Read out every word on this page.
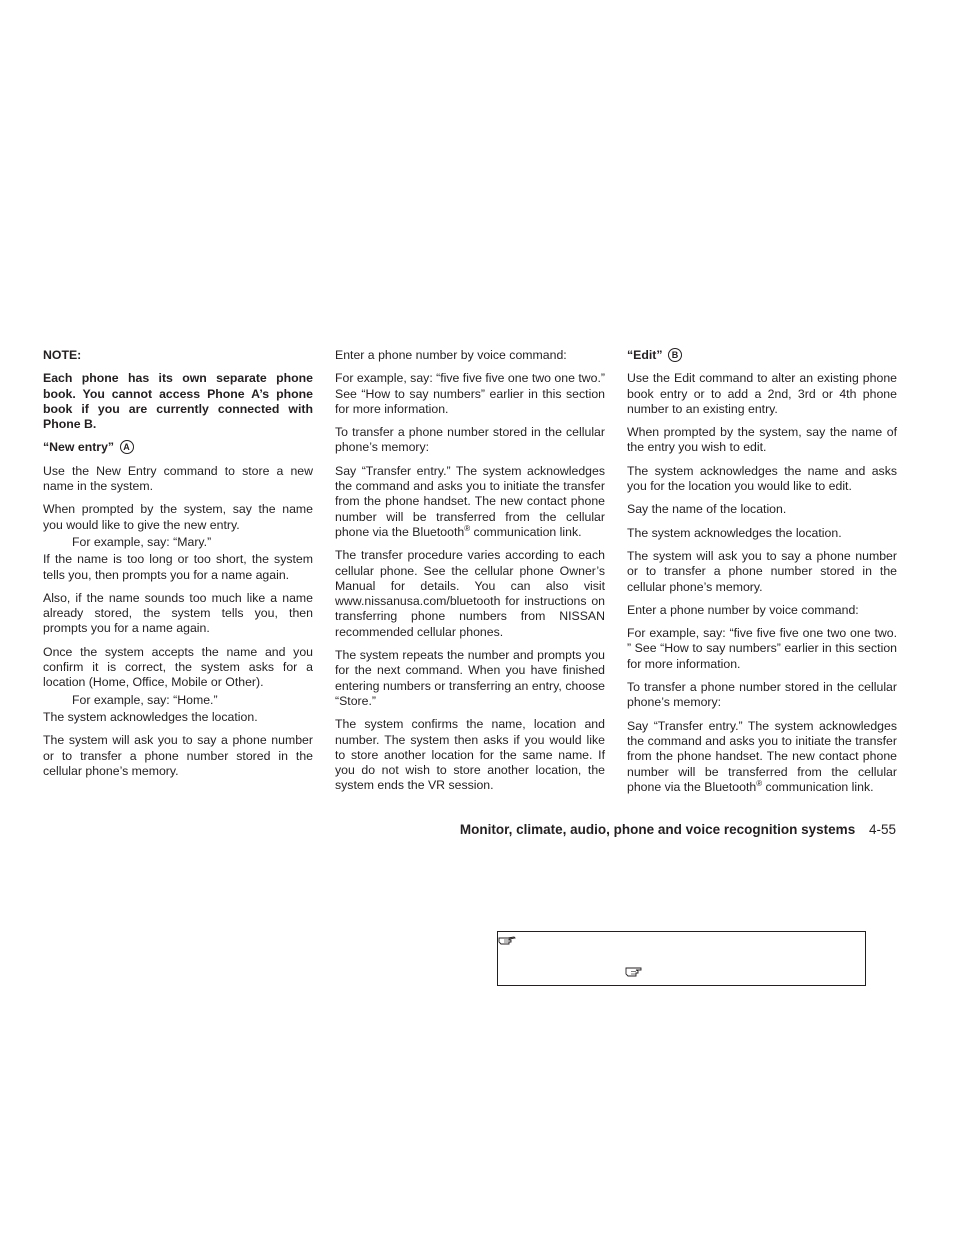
NOTE:
Each phone has its own separate phone book. You cannot access Phone A’s phone book if you are currently connected with Phone B.
“New entry” A

Use the New Entry command to store a new name in the system.

When prompted by the system, say the name you would like to give the new entry.

For example, say: “Mary.”

If the name is too long or too short, the system tells you, then prompts you for a name again.

Also, if the name sounds too much like a name already stored, the system tells you, then prompts you for a name again.

Once the system accepts the name and you confirm it is correct, the system asks for a location (Home, Office, Mobile or Other).

For example, say: “Home.”

The system acknowledges the location.

The system will ask you to say a phone number or to transfer a phone number stored in the cellular phone’s memory.

Enter a phone number by voice command:

For example, say: “five five five one two one two.” See “How to say numbers” earlier in this section for more information.

To transfer a phone number stored in the cellular phone’s memory:

Say “Transfer entry.” The system acknowledges the command and asks you to initiate the transfer from the phone handset. The new contact phone number will be transferred from the cellular phone via the Bluetooth® communication link.

The transfer procedure varies according to each cellular phone. See the cellular phone Owner’s Manual for details. You can also visit www.nissanusa.com/bluetooth for instructions on transferring phone numbers from NISSAN recommended cellular phones.

The system repeats the number and prompts you for the next command. When you have finished entering numbers or transferring an entry, choose “Store.”

The system confirms the name, location and number. The system then asks if you would like to store another location for the same name. If you do not wish to store another location, the system ends the VR session.

“Edit” B

Use the Edit command to alter an existing phone book entry or to add a 2nd, 3rd or 4th phone number to an existing entry.

When prompted by the system, say the name of the entry you wish to edit.

The system acknowledges the name and asks you for the location you would like to edit.

Say the name of the location.

The system acknowledges the location.

The system will ask you to say a phone number or to transfer a phone number stored in the cellular phone’s memory.

Enter a phone number by voice command:

For example, say: “five five five one two one two. ” See “How to say numbers” earlier in this section for more information.

To transfer a phone number stored in the cellular phone’s memory:

Say “Transfer entry.” The system acknowledges the command and asks you to initiate the transfer from the phone handset. The new contact phone number will be transferred from the cellular phone via the Bluetooth® communication link.

Monitor, climate, audio, phone and voice recognition systems 4-55
